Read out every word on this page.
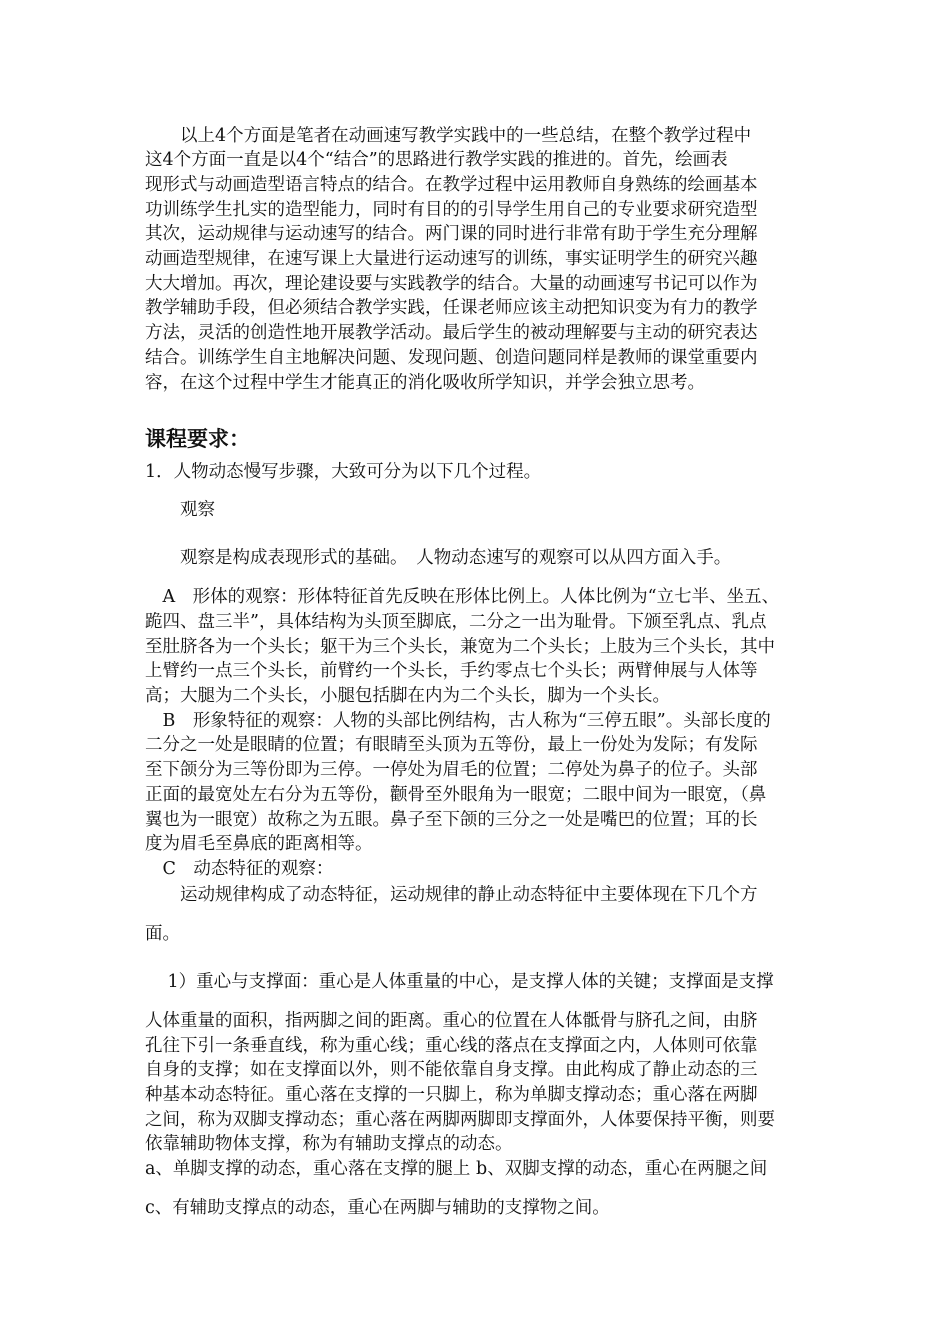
以上4个方面是笔者在动画速写教学实践中的一些总结，在整个教学过程中
这4个方面一直是以4个“结合”的思路进行教学实践的推进的。首先，绘画表
现形式与动画造型语言特点的结合。在教学过程中运用教师自身熟练的绘画基本
功训练学生扎实的造型能力，同时有目的的引导学生用自己的专业要求研究造型
其次，运动规律与运动速写的结合。两门课的同时进行非常有助于学生充分理解
动画造型规律，在速写课上大量进行运动速写的训练，事实证明学生的研究兴趣
大大增加。再次，理论建设要与实践教学的结合。大量的动画速写书记可以作为
教学辅助手段，但必须结合教学实践，任课老师应该主动把知识变为有力的教学
方法，灵活的创造性地开展教学活动。最后学生的被动理解要与主动的研究表达
结合。训练学生自主地解决问题、发现问题、创造问题同样是教师的课堂重要内
容，在这个过程中学生才能真正的消化吸收所学知识，并学会独立思考。
课程要求：
1．人物动态慢写步骤，大致可分为以下几个过程。
观察
观察是构成表现形式的基础。　人物动态速写的观察可以从四方面入手。
　A　形体的观察：形体特征首先反映在形体比例上。人体比例为“立七半、坐五、
跪四、盘三半”，具体结构为头顶至脚底，二分之一出为耻骨。下颁至乳点、乳点
至肚脐各为一个头长；躯干为三个头长，兼宽为二个头长；上肢为三个头长，其中
上臂约一点三个头长，前臂约一个头长，手约零点七个头长；两臂伸展与人体等
高；大腿为二个头长，小腿包括脚在内为二个头长，脚为一个头长。
　B　形象特征的观察：人物的头部比例结构，古人称为“三停五眼”。头部长度的
二分之一处是眼睛的位置；有眼睛至头顶为五等份，最上一份处为发际；有发际
至下颌分为三等份即为三停。一停处为眉毛的位置；二停处为鼻子的位子。头部
正面的最宽处左右分为五等份，颧骨至外眼角为一眼宽；二眼中间为一眼宽，（鼻
翼也为一眼宽）故称之为五眼。鼻子至下颌的三分之一处是嘴巴的位置；耳的长
度为眉毛至鼻底的距离相等。
　C　动态特征的观察：
运动规律构成了动态特征，运动规律的静止动态特征中主要体现在下几个方
面。
　1）重心与支撑面：重心是人体重量的中心，是支撑人体的关键；支撑面是支撑
人体重量的面积，指两脚之间的距离。重心的位置在人体骶骨与脐孔之间，由脐
孔往下引一条垂直线，称为重心线；重心线的落点在支撑面之内，人体则可依靠
自身的支撑；如在支撑面以外，则不能依靠自身支撑。由此构成了静止动态的三
种基本动态特征。重心落在支撑的一只脚上，称为单脚支撑动态；重心落在两脚
之间，称为双脚支撑动态；重心落在两脚两脚即支撑面外，人体要保持平衡，则要
依靠辅助物体支撑，称为有辅助支撑点的动态。
a、单脚支撑的动态，重心落在支撑的腿上 b、双脚支撑的动态，重心在两腿之间
c、有辅助支撑点的动态，重心在两脚与辅助的支撑物之间。
